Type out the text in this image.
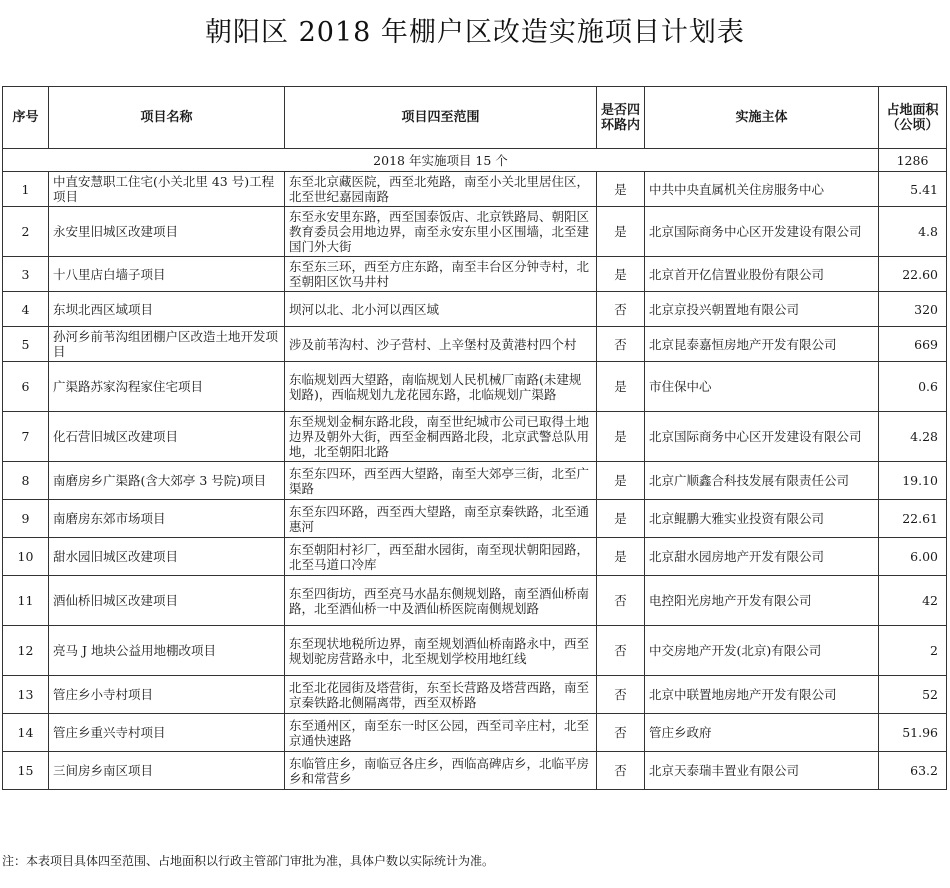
朝阳区 2018 年棚户区改造实施项目计划表
序号	项目名称	项目四至范围	是否四环路内	实施主体	占地面积（公顷）
2018 年实施项目 15 个					1286
1	中直安慧职工住宅(小关北里 43 号)工程项目	东至北京藏医院，西至北苑路，南至小关北里居住区，北至世纪嘉园南路	是	中共中央直属机关住房服务中心	5.41
2	永安里旧城区改建项目	东至永安里东路，西至国泰饭店、北京铁路局、朝阳区教育委员会用地边界，南至永安东里小区围墙，北至建国门外大街	是	北京国际商务中心区开发建设有限公司	4.8
3	十八里店白墙子项目	东至东三环，西至方庄东路，南至丰台区分钟寺村，北至朝阳区饮马井村	是	北京首开亿信置业股份有限公司	22.60
4	东坝北西区域项目	坝河以北、北小河以西区域	否	北京京投兴朝置地有限公司	320
5	孙河乡前苇沟组团棚户区改造土地开发项目	涉及前苇沟村、沙子营村、上辛堡村及黄港村四个村	否	北京昆泰嘉恒房地产开发有限公司	669
6	广渠路苏家沟程家住宅项目	东临规划西大望路，南临规划人民机械厂南路(未建规划路)，西临规划九龙花园东路，北临规划广渠路	是	市住保中心	0.6
7	化石营旧城区改建项目	东至规划金桐东路北段，南至世纪城市公司已取得土地边界及朝外大街，西至金桐西路北段，北京武警总队用地，北至朝阳北路	是	北京国际商务中心区开发建设有限公司	4.28
8	南磨房乡广渠路(含大郊亭 3 号院)项目	东至东四环，西至西大望路，南至大郊亭三街，北至广渠路	是	北京广顺鑫合科技发展有限责任公司	19.10
9	南磨房东郊市场项目	东至东四环路，西至西大望路，南至京秦铁路，北至通惠河	是	北京鲲鹏大雅实业投资有限公司	22.61
10	甜水园旧城区改建项目	东至朝阳村衫厂，西至甜水园街，南至现状朝阳园路，北至马道口冷库	是	北京甜水园房地产开发有限公司	6.00
11	酒仙桥旧城区改建项目	东至四街坊，西至亮马水晶东侧规划路，南至酒仙桥南路，北至酒仙桥一中及酒仙桥医院南侧规划路	否	电控阳光房地产开发有限公司	42
12	亮马 J 地块公益用地棚改项目	东至现状地税所边界，南至规划酒仙桥南路永中，西至规划驼房营路永中，北至规划学校用地红线	否	中交房地产开发(北京)有限公司	2
13	管庄乡小寺村项目	北至北花园街及塔营街，东至长营路及塔营西路，南至京秦铁路北侧隔离带，西至双桥路	否	北京中联置地房地产开发有限公司	52
14	管庄乡重兴寺村项目	东至通州区，南至东一时区公园，西至司辛庄村，北至京通快速路	否	管庄乡政府	51.96
15	三间房乡南区项目	东临管庄乡，南临豆各庄乡，西临高碑店乡，北临平房乡和常营乡	否	北京天泰瑞丰置业有限公司	63.2
注：本表项目具体四至范围、占地面积以行政主管部门审批为准，具体户数以实际统计为准。
